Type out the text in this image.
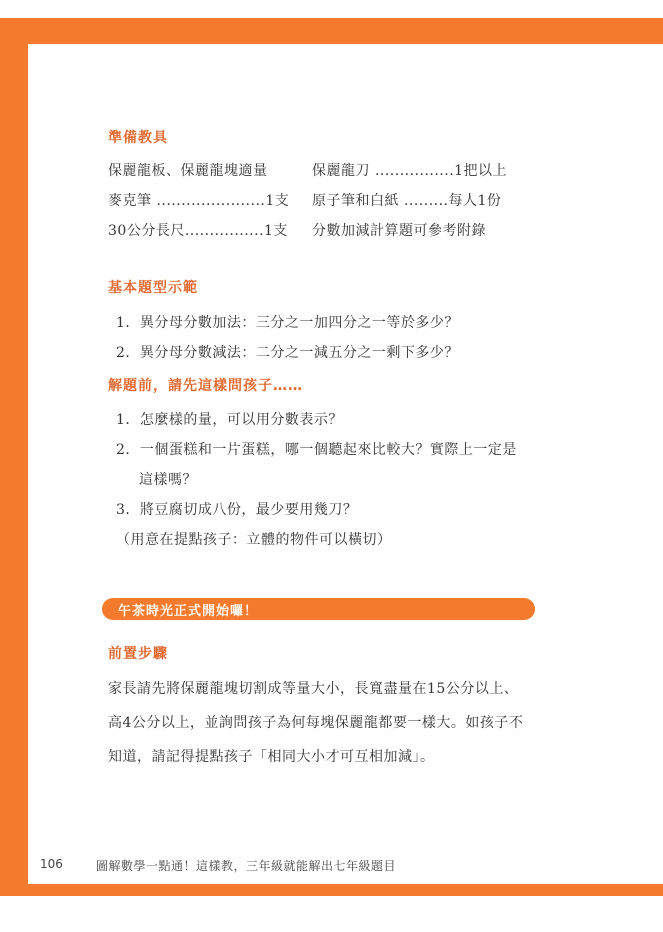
準備教具
保麗龍板、保麗龍塊適量	保麗龍刀 ................1把以上
麥克筆 ......................1支 原子筆和白紙 .........每人1份
30公分長尺................1支 分數加減計算題可參考附錄
基本題型示範
1．異分母分數加法：三分之一加四分之一等於多少？
2．異分母分數減法：二分之一減五分之一剩下多少？
解題前，請先這樣問孩子……
1．怎麼樣的量，可以用分數表示？
2．一個蛋糕和一片蛋糕，哪一個聽起來比較大？實際上一定是
這樣嗎？
3．將豆腐切成八份，最少要用幾刀？
（用意在提點孩子：立體的物件可以橫切）
午茶時光正式開始囉！
前置步驟
家長請先將保麗龍塊切割成等量大小，長寬盡量在15公分以上、
高4公分以上，並詢問孩子為何每塊保麗龍都要一樣大。如孩子不
知道，請記得提點孩子「相同大小才可互相加減」。
106	圖解數學一點通！這樣教，三年級就能解出七年級題目
